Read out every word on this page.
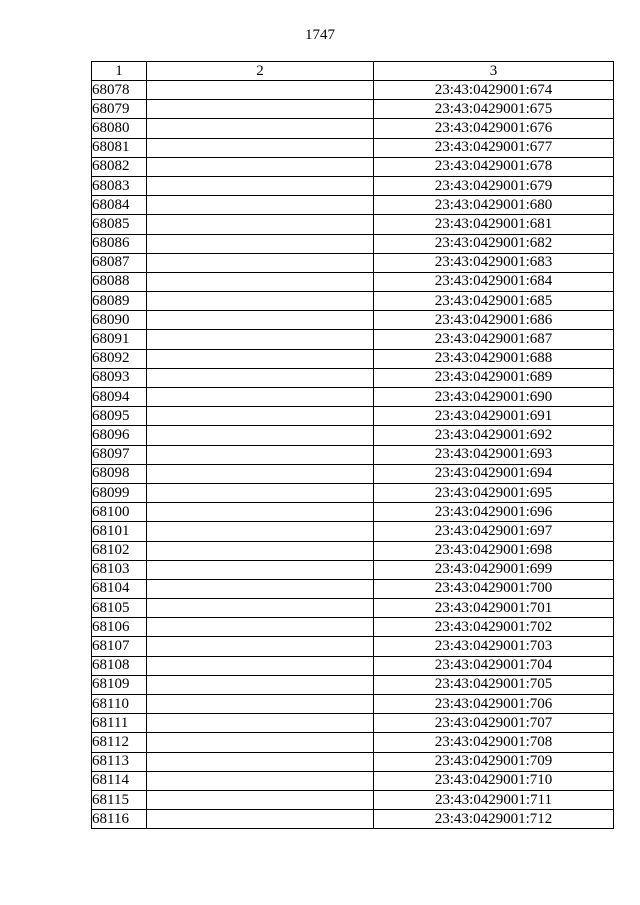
1747
1	2	3
68078		23:43:0429001:674
68079		23:43:0429001:675
68080		23:43:0429001:676
68081		23:43:0429001:677
68082		23:43:0429001:678
68083		23:43:0429001:679
68084		23:43:0429001:680
68085		23:43:0429001:681
68086		23:43:0429001:682
68087		23:43:0429001:683
68088		23:43:0429001:684
68089		23:43:0429001:685
68090		23:43:0429001:686
68091		23:43:0429001:687
68092		23:43:0429001:688
68093		23:43:0429001:689
68094		23:43:0429001:690
68095		23:43:0429001:691
68096		23:43:0429001:692
68097		23:43:0429001:693
68098		23:43:0429001:694
68099		23:43:0429001:695
68100		23:43:0429001:696
68101		23:43:0429001:697
68102		23:43:0429001:698
68103		23:43:0429001:699
68104		23:43:0429001:700
68105		23:43:0429001:701
68106		23:43:0429001:702
68107		23:43:0429001:703
68108		23:43:0429001:704
68109		23:43:0429001:705
68110		23:43:0429001:706
68111		23:43:0429001:707
68112		23:43:0429001:708
68113		23:43:0429001:709
68114		23:43:0429001:710
68115		23:43:0429001:711
68116		23:43:0429001:712
